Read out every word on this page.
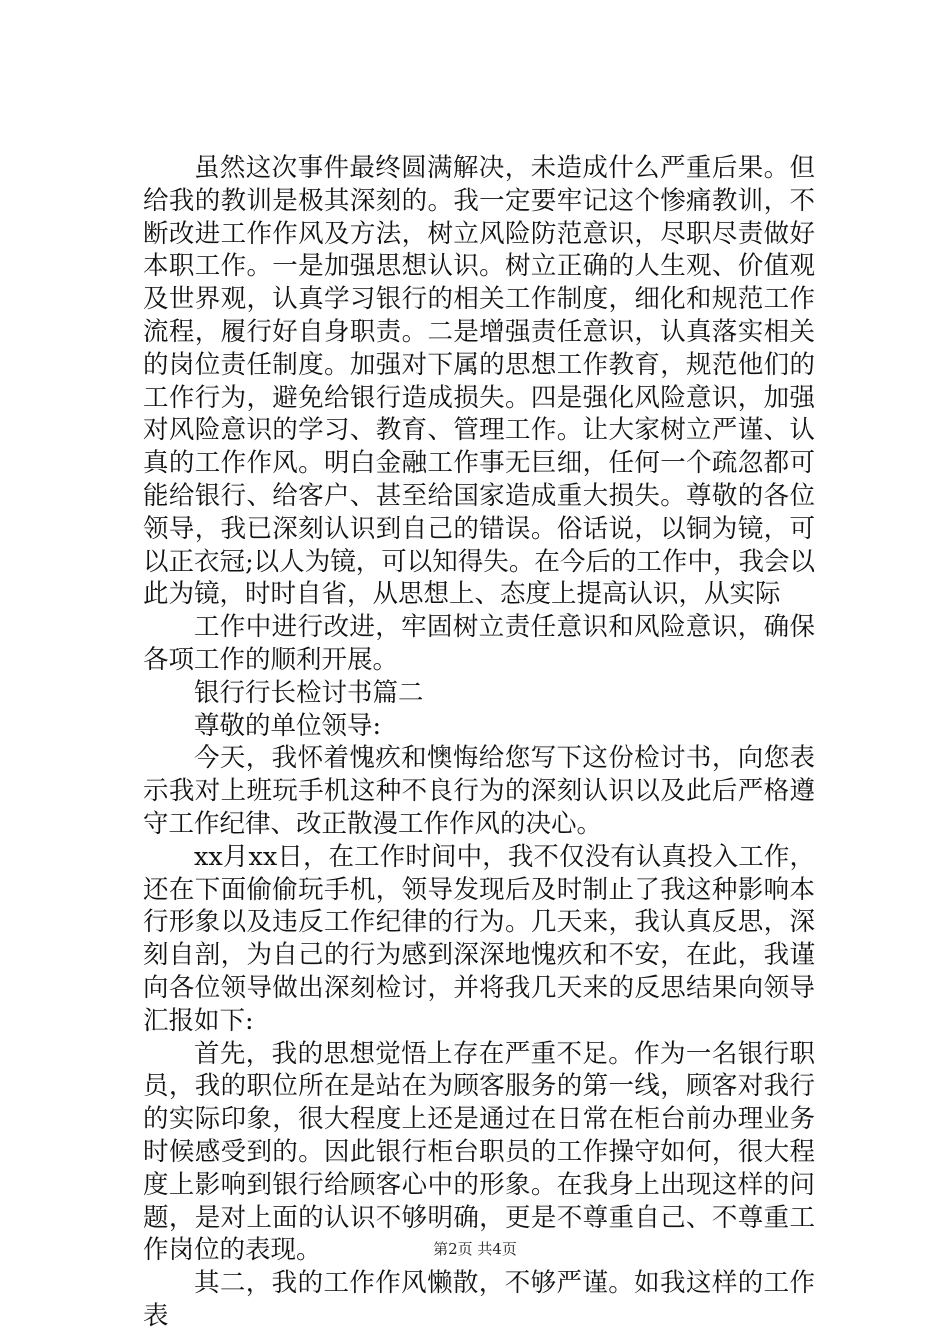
虽然这次事件最终圆满解决，未造成什么严重后果。但给我的教训是极其深刻的。我一定要牢记这个惨痛教训，不断改进工作作风及方法，树立风险防范意识，尽职尽责做好本职工作。一是加强思想认识。树立正确的人生观、价值观及世界观，认真学习银行的相关工作制度，细化和规范工作流程，履行好自身职责。二是增强责任意识，认真落实相关的岗位责任制度。加强对下属的思想工作教育，规范他们的工作行为，避免给银行造成损失。四是强化风险意识，加强对风险意识的学习、教育、管理工作。让大家树立严谨、认真的工作作风。明白金融工作事无巨细，任何一个疏忽都可能给银行、给客户、甚至给国家造成重大损失。尊敬的各位领导，我已深刻认识到自己的错误。俗话说，以铜为镜，可以正衣冠;以人为镜，可以知得失。在今后的工作中，我会以此为镜，时时自省，从思想上、态度上提高认识，从实际

工作中进行改进，牢固树立责任意识和风险意识，确保各项工作的顺利开展。

银行行长检讨书篇二

尊敬的单位领导:

今天，我怀着愧疚和懊悔给您写下这份检讨书，向您表示我对上班玩手机这种不良行为的深刻认识以及此后严格遵守工作纪律、改正散漫工作作风的决心。

xx月xx日，在工作时间中，我不仅没有认真投入工作，还在下面偷偷玩手机，领导发现后及时制止了我这种影响本行形象以及违反工作纪律的行为。几天来，我认真反思，深刻自剖，为自己的行为感到深深地愧疚和不安，在此，我谨向各位领导做出深刻检讨，并将我几天来的反思结果向领导汇报如下:

首先，我的思想觉悟上存在严重不足。作为一名银行职员，我的职位所在是站在为顾客服务的第一线，顾客对我行的实际印象，很大程度上还是通过在日常在柜台前办理业务时候感受到的。因此银行柜台职员的工作操守如何，很大程度上影响到银行给顾客心中的形象。在我身上出现这样的问题，是对上面的认识不够明确，更是不尊重自己、不尊重工作岗位的表现。

其二，我的工作作风懒散，不够严谨。如我这样的工作表

第2页 共4页
